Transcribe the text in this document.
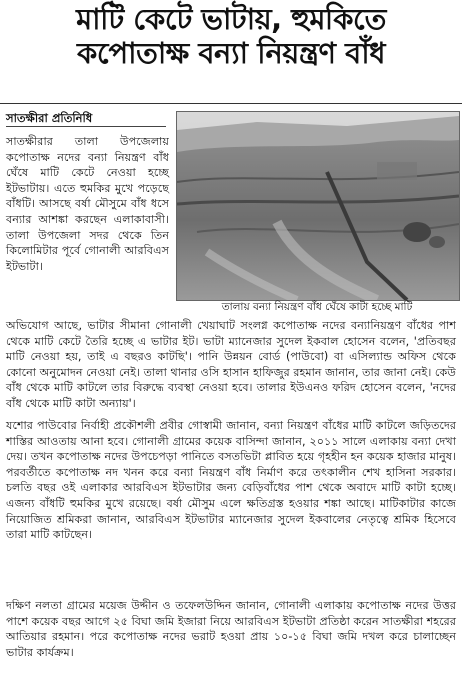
মাটি কেটে ভাটায়, হুমকিতে
কপোতাক্ষ বন্যা নিয়ন্ত্রণ বাঁধ
সাতক্ষীরা প্রতিনিধি

সাতক্ষীরার তালা উপজেলায় কপোতাক্ষ নদের বন্যা নিয়ন্ত্রণ বাঁধ ঘেঁষে মাটি কেটে নেওয়া হচ্ছে ইটভাটায়। এতে হুমকির মুখে পড়েছে বাঁধটি। আসছে বর্ষা মৌসুমে বাঁধ ধসে বন্যার আশঙ্কা করছেন এলাকাবাসী। তালা উপজেলা সদর থেকে তিন কিলোমিটার পূর্বে গোনালী আরবিএস ইটভাটা।

তালায় বন্যা নিয়ন্ত্রণ বাঁধ ঘেঁষে কাটা হচ্ছে মাটি

অভিযোগ আছে, ভাটার সীমানা গোনালী খেয়াঘাট সংলগ্ন কপোতাক্ষ নদের বন্যানিয়ন্ত্রণ বাঁধের পাশ থেকে মাটি কেটে তৈরি হচ্ছে এ ভাটার ইট। ভাটা ম্যানেজার সুদেল ইকবাল হোসেন বলেন, 'প্রতিবছর মাটি নেওয়া হয়, তাই এ বছরও কাটছি'। পানি উন্নয়ন বোর্ড (পাউবো) বা এসিল্যান্ড অফিস থেকে কোনো অনুমোদন নেওয়া নেই। তালা থানার ওসি হাসান হাফিজুর রহমান জানান, তার জানা নেই। কেউ বাঁধ থেকে মাটি কাটলে তার বিরুদ্ধে ব্যবস্থা নেওয়া হবে। তালার ইউএনও ফরিদ হোসেন বলেন, 'নদের বাঁধ থেকে মাটি কাটা অন্যায়'।

যশোর পাউবোর নির্বাহী প্রকৌশলী প্রবীর গোস্বামী জানান, বন্যা নিয়ন্ত্রণ বাঁধের মাটি কাটলে জড়িতদের শাস্তির আওতায় আনা হবে। গোনালী গ্রামের কয়েক বাসিন্দা জানান, ২০১১ সালে এলাকায় বন্যা দেখা দেয়। তখন কপোতাক্ষ নদের উপচেপড়া পানিতে বসতভিটা প্লাবিত হয়ে গৃহহীন হন কয়েক হাজার মানুষ। পরবর্তীতে কপোতাক্ষ নদ খনন করে বন্যা নিয়ন্ত্রণ বাঁধ নির্মাণ করে তৎকালীন শেখ হাসিনা সরকার। চলতি বছর ওই এলাকার আরবিএস ইটভাটার জন্য বেড়িবাঁধের পাশ থেকে অবাদে মাটি কাটা হচ্ছে। এজন্য বাঁধটি হুমকির মুখে রয়েছে। বর্ষা মৌসুম এলে ক্ষতিগ্রস্ত হওয়ার শঙ্কা আছে। মাটিকাটার কাজে নিয়োজিত শ্রমিকরা জানান, আরবিএস ইটভাটার ম্যানেজার সুদেল ইকবালের নেতৃত্বে শ্রমিক হিসেবে তারা মাটি কাটছেন।

দক্ষিণ নলতা গ্রামের ময়েজ উদ্দীন ও তফেলউদ্দিন জানান, গোনালী এলাকায় কপোতাক্ষ নদের উত্তর পাশে কয়েক বছর আগে ২৫ বিঘা জমি ইজারা নিয়ে আরবিএস ইটভাটা প্রতিষ্ঠা করেন সাতক্ষীরা শহরের আতিয়ার রহমান। পরে কপোতাক্ষ নদের ভরাট হওয়া প্রায় ১০-১৫ বিঘা জমি দখল করে চালাচ্ছেন ভাটার কার্যক্রম।
